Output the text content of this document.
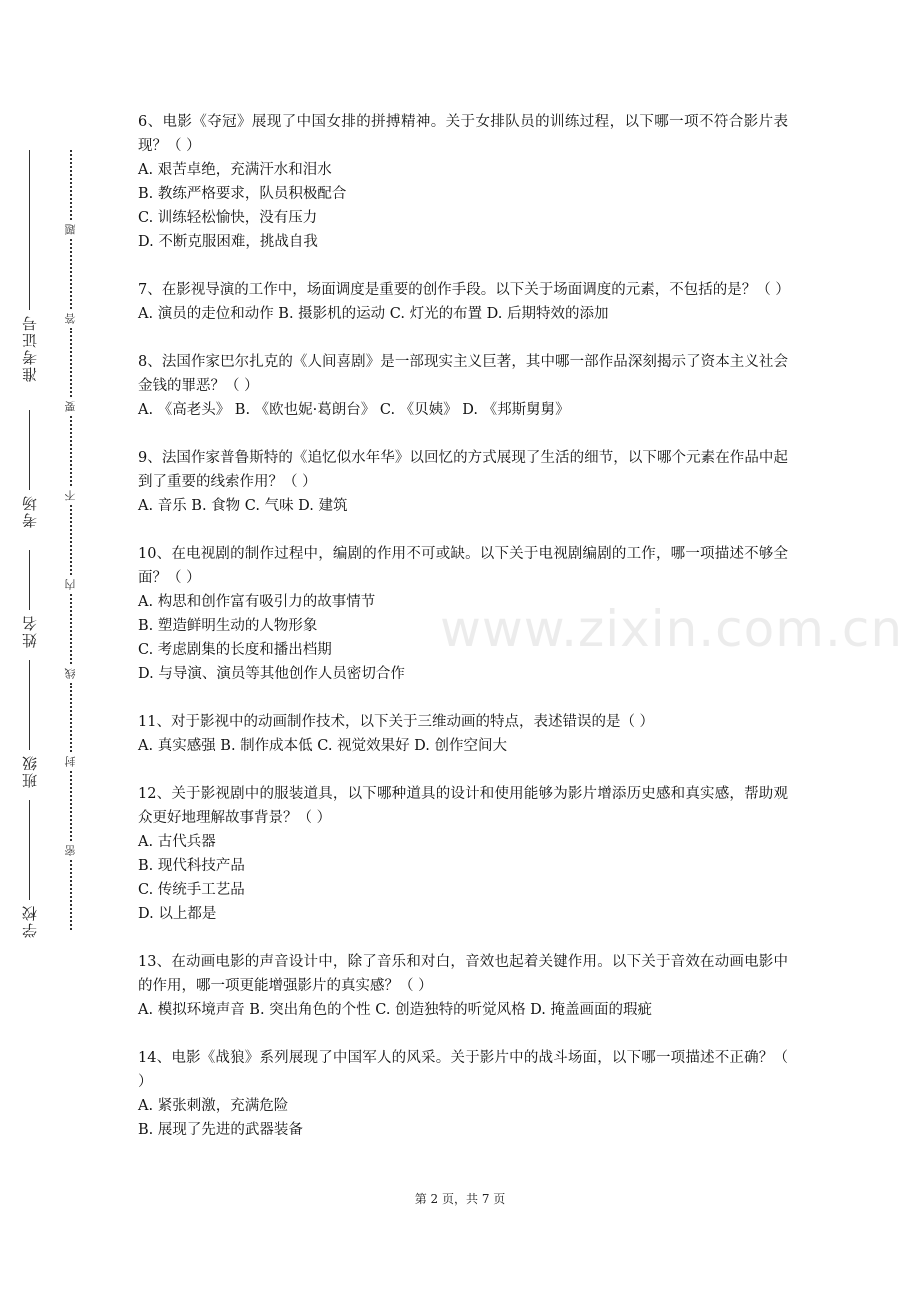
准考证号
考场
姓名
班级
学校
题
答
要
不
内
线
封
密
www.zixin.com.cn
6、电影《夺冠》展现了中国女排的拼搏精神。关于女排队员的训练过程，以下哪一项不符合影片表现？（ ）
A. 艰苦卓绝，充满汗水和泪水
B. 教练严格要求，队员积极配合
C. 训练轻松愉快，没有压力
D. 不断克服困难，挑战自我
7、在影视导演的工作中，场面调度是重要的创作手段。以下关于场面调度的元素，不包括的是？（ ）
A. 演员的走位和动作 B. 摄影机的运动 C. 灯光的布置 D. 后期特效的添加
8、法国作家巴尔扎克的《人间喜剧》是一部现实主义巨著，其中哪一部作品深刻揭示了资本主义社会金钱的罪恶？（ ）
A. 《高老头》 B. 《欧也妮·葛朗台》 C. 《贝姨》 D. 《邦斯舅舅》
9、法国作家普鲁斯特的《追忆似水年华》以回忆的方式展现了生活的细节，以下哪个元素在作品中起到了重要的线索作用？（ ）
A. 音乐 B. 食物 C. 气味 D. 建筑
10、在电视剧的制作过程中，编剧的作用不可或缺。以下关于电视剧编剧的工作，哪一项描述不够全面？（ ）
A. 构思和创作富有吸引力的故事情节
B. 塑造鲜明生动的人物形象
C. 考虑剧集的长度和播出档期
D. 与导演、演员等其他创作人员密切合作
11、对于影视中的动画制作技术，以下关于三维动画的特点，表述错误的是（ ）
A. 真实感强 B. 制作成本低 C. 视觉效果好 D. 创作空间大
12、关于影视剧中的服装道具，以下哪种道具的设计和使用能够为影片增添历史感和真实感，帮助观众更好地理解故事背景？（ ）
A. 古代兵器
B. 现代科技产品
C. 传统手工艺品
D. 以上都是
13、在动画电影的声音设计中，除了音乐和对白，音效也起着关键作用。以下关于音效在动画电影中的作用，哪一项更能增强影片的真实感？（ ）
A. 模拟环境声音 B. 突出角色的个性 C. 创造独特的听觉风格 D. 掩盖画面的瑕疵
14、电影《战狼》系列展现了中国军人的风采。关于影片中的战斗场面，以下哪一项描述不正确？（ ）
A. 紧张刺激，充满危险
B. 展现了先进的武器装备
第 2 页，共 7 页
